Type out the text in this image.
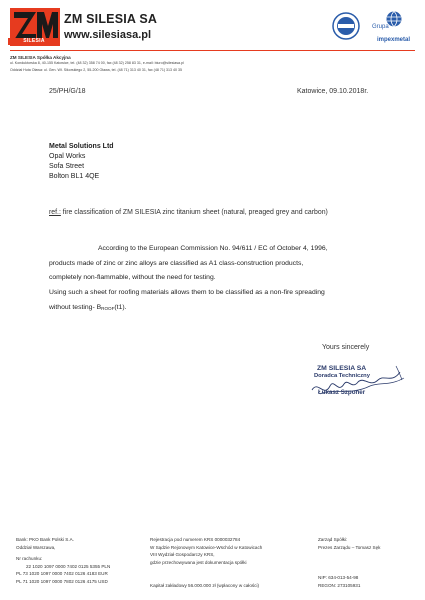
SILESIA
ZM SILESIA SA
www.silesiasa.pl
Grupa
impexmetal
ZM SILESIA Spółka Akcyjna
ul. Konduktorska 8, 40-155 Katowice, tel. (48 32) 358 74 00, fax (48 32) 258 83 31, e-mail: biuro@silesiasa.pl
Oddział Huta Oława: ul. Gen. Wł. Sikorskiego 2, 55-200 Oława, tel. (48 71) 313 40 31, fax (48 71) 313 40 35
25/PH/G/18	Katowice, 09.10.2018r.
Metal Solutions Ltd
Opal Works
Sofa Street
Bolton BL1 4QE
ref.: fire classification of ZM SILESIA zinc titanium sheet (natural, preaged grey and carbon)
According to the European Commission No. 94/611 / EC of October 4, 1996,
products made of zinc or zinc alloys are classified as A1 class-construction products,
completely non-flammable, without the need for testing.
Using such a sheet for roofing materials allows them to be classified as a non-fire spreading
without testing- BROOF(t1).
Yours sincerely
ZM SILESIA SA
Doradca Techniczny
Łukasz Szponer
Bank: PKO Bank Polski S.A.
Oddział Warszawa,
Nr rachunku:
22 1020 1097 0000 7402 0125 5355 PLN
PL 73 1020 1097 0000 7402 0126 4183 EUR
PL 71 1020 1097 0000 7802 0126 4175 USD
Rejestracja pod numerem KRS 0000032784
W Sądzie Rejonowym Katowice-Wschód w Katowicach
VIII Wydział Gospodarczy KRS,
gdzie przechowywana jest dokumentacja spółki
Kapitał zakładowy 56.000.000 zł (wpłacony w całości)
Zarząd Spółki:
Prezes Zarządu – Tomasz Sęk
NIP: 634-013-54-98
REGON: 273105931
